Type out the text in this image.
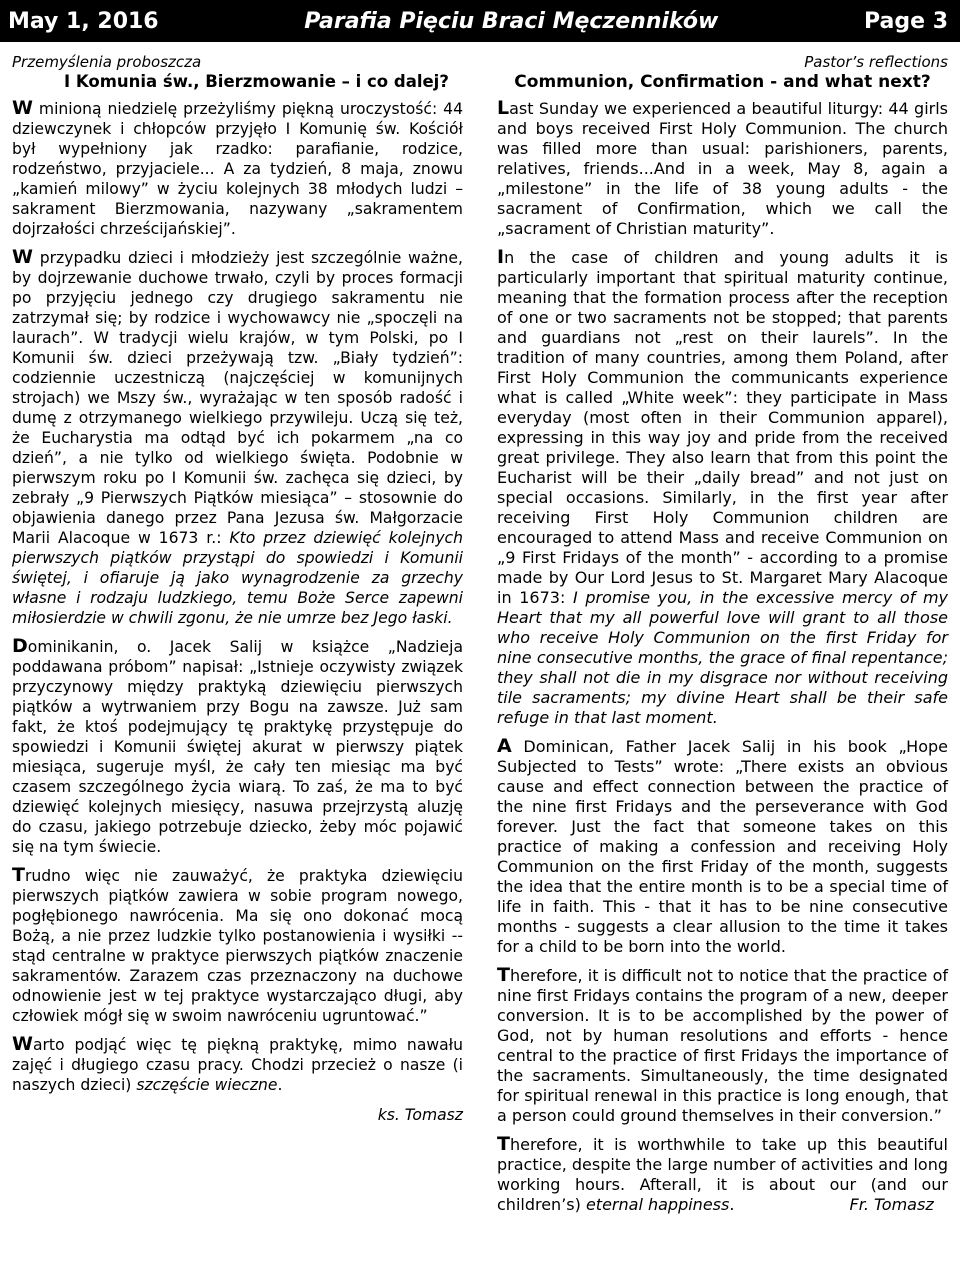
May 1, 2016	Parafia Pięciu Braci Męczenników	Page 3
Przemyślenia proboszcza
I Komunia św., Bierzmowanie – i co dalej?

W minioną niedzielę przeżyliśmy piękną uroczystość: 44 dziewczynek i chłopców przyjęło I Komunię św. Kościół był wypełniony jak rzadko: parafianie, rodzice, rodzeństwo, przyjaciele... A za tydzień, 8 maja, znowu „kamień milowy” w życiu kolejnych 38 młodych ludzi – sakrament Bierzmowania, nazywany „sakramentem dojrzałości chrześcijańskiej”.

W przypadku dzieci i młodzieży jest szczególnie ważne, by dojrzewanie duchowe trwało, czyli by proces formacji po przyjęciu jednego czy drugiego sakramentu nie zatrzymał się; by rodzice i wychowawcy nie „spoczęli na laurach”. W tradycji wielu krajów, w tym Polski, po I Komunii św. dzieci przeżywają tzw. „Biały tydzień”: codziennie uczestniczą (najczęściej w komunijnych strojach) we Mszy św., wyrażając w ten sposób radość i dumę z otrzymanego wielkiego przywileju. Uczą się też, że Eucharystia ma odtąd być ich pokarmem „na co dzień”, a nie tylko od wielkiego święta. Podobnie w pierwszym roku po I Komunii św. zachęca się dzieci, by zebrały „9 Pierwszych Piątków miesiąca” – stosownie do objawienia danego przez Pana Jezusa św. Małgorzacie Marii Alacoque w 1673 r.: Kto przez dziewięć kolejnych pierwszych piątków przystąpi do spowiedzi i Komunii świętej, i ofiaruje ją jako wynagrodzenie za grzechy własne i rodzaju ludzkiego, temu Boże Serce zapewni miłosierdzie w chwili zgonu, że nie umrze bez Jego łaski.

Dominikanin, o. Jacek Salij w książce „Nadzieja poddawana próbom” napisał: „Istnieje oczywisty związek przyczynowy między praktyką dziewięciu pierwszych piątków a wytrwaniem przy Bogu na zawsze. Już sam fakt, że ktoś podejmujący tę praktykę przystępuje do spowiedzi i Komunii świętej akurat w pierwszy piątek miesiąca, sugeruje myśl, że cały ten miesiąc ma być czasem szczególnego życia wiarą. To zaś, że ma to być dziewięć kolejnych miesięcy, nasuwa przejrzystą aluzję do czasu, jakiego potrzebuje dziecko, żeby móc pojawić się na tym świecie.

Trudno więc nie zauważyć, że praktyka dziewięciu pierwszych piątków zawiera w sobie program nowego, pogłębionego nawrócenia. Ma się ono dokonać mocą Bożą, a nie przez ludzkie tylko postanowienia i wysiłki -- stąd centralne w praktyce pierwszych piątków znaczenie sakramentów. Zarazem czas przeznaczony na duchowe odnowienie jest w tej praktyce wystarczająco długi, aby człowiek mógł się w swoim nawróceniu ugruntować.”

Warto podjąć więc tę piękną praktykę, mimo nawału zajęć i długiego czasu pracy. Chodzi przecież o nasze (i naszych dzieci) szczęście wieczne.

ks. Tomasz
Pastor’s reflections
Communion, Confirmation - and what next?

Last Sunday we experienced a beautiful liturgy: 44 girls and boys received First Holy Communion. The church was filled more than usual: parishioners, parents, relatives, friends...And in a week, May 8, again a „milestone” in the life of 38 young adults - the sacrament of Confirmation, which we call the „sacrament of Christian maturity”.

In the case of children and young adults it is particularly important that spiritual maturity continue, meaning that the formation process after the reception of one or two sacraments not be stopped; that parents and guardians not „rest on their laurels”. In the tradition of many countries, among them Poland, after First Holy Communion the communicants experience what is called „White week”: they participate in Mass everyday (most often in their Communion apparel), expressing in this way joy and pride from the received great privilege. They also learn that from this point the Eucharist will be their „daily bread” and not just on special occasions. Similarly, in the first year after receiving First Holy Communion children are encouraged to attend Mass and receive Communion on „9 First Fridays of the month” - according to a promise made by Our Lord Jesus to St. Margaret Mary Alacoque in 1673: I promise you, in the excessive mercy of my Heart that my all powerful love will grant to all those who receive Holy Communion on the first Friday for nine consecutive months, the grace of final repentance; they shall not die in my disgrace nor without receiving tile sacraments; my divine Heart shall be their safe refuge in that last moment.

A Dominican, Father Jacek Salij in his book „Hope Subjected to Tests” wrote: „There exists an obvious cause and effect connection between the practice of the nine first Fridays and the perseverance with God forever. Just the fact that someone takes on this practice of making a confession and receiving Holy Communion on the first Friday of the month, suggests the idea that the entire month is to be a special time of life in faith. This - that it has to be nine consecutive months - suggests a clear allusion to the time it takes for a child to be born into the world.

Therefore, it is difficult not to notice that the practice of nine first Fridays contains the program of a new, deeper conversion. It is to be accomplished by the power of God, not by human resolutions and efforts - hence central to the practice of first Fridays the importance of the sacraments. Simultaneously, the time designated for spiritual renewal in this practice is long enough, that a person could ground themselves in their conversion.”

Therefore, it is worthwhile to take up this beautiful practice, despite the large number of activities and long working hours. Afterall, it is about our (and our children’s) eternal happiness.	Fr. Tomasz
